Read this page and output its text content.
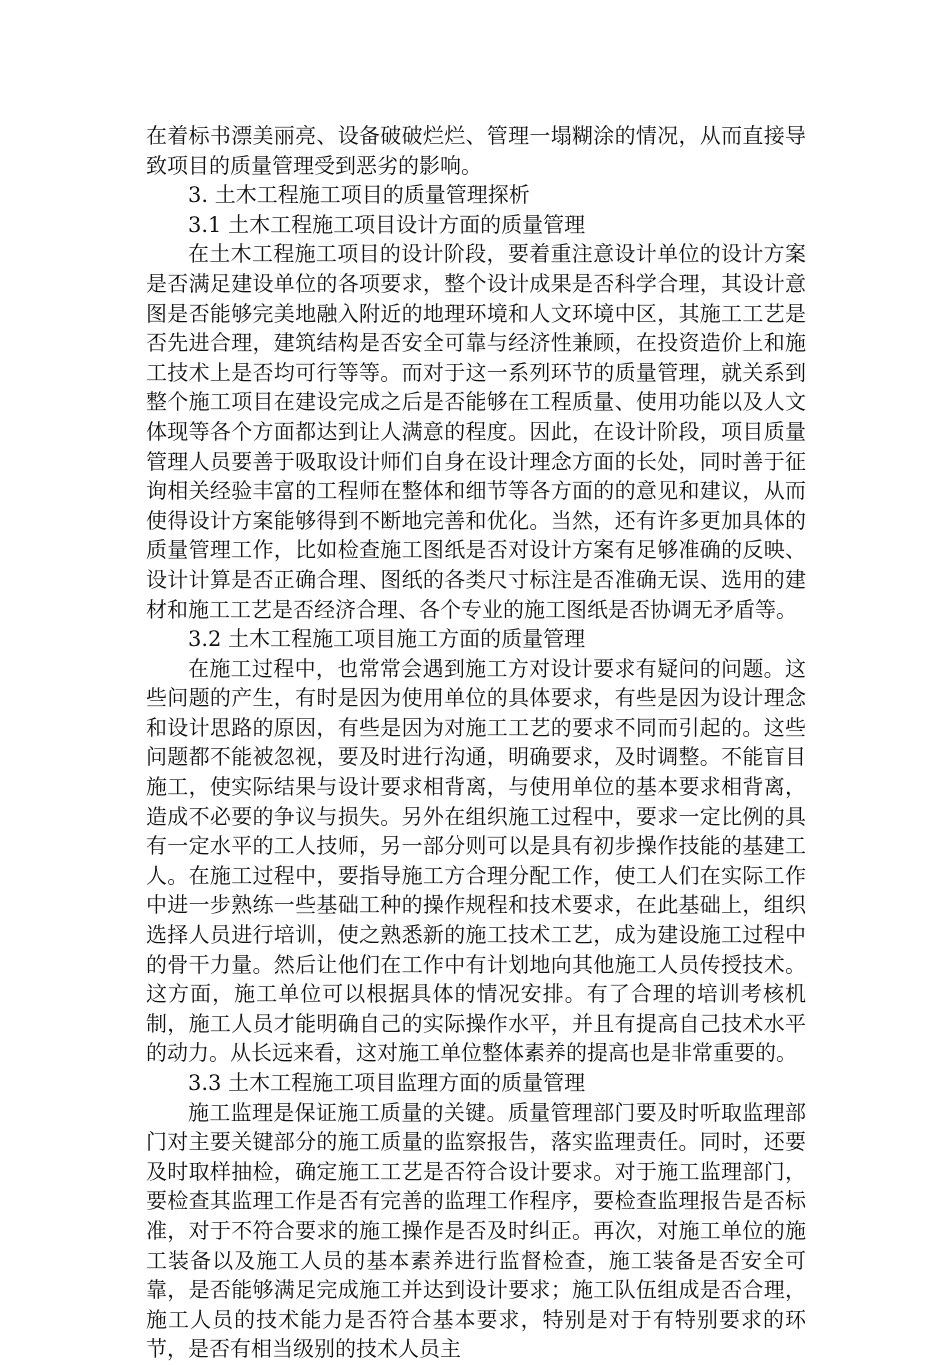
在着标书漂美丽亮、设备破破烂烂、管理一塌糊涂的情况，从而直接导致项目的质量管理受到恶劣的影响。

3. 土木工程施工项目的质量管理探析

3.1 土木工程施工项目设计方面的质量管理

在土木工程施工项目的设计阶段，要着重注意设计单位的设计方案是否满足建设单位的各项要求，整个设计成果是否科学合理，其设计意图是否能够完美地融入附近的地理环境和人文环境中区，其施工工艺是否先进合理，建筑结构是否安全可靠与经济性兼顾，在投资造价上和施工技术上是否均可行等等。而对于这一系列环节的质量管理，就关系到整个施工项目在建设完成之后是否能够在工程质量、使用功能以及人文体现等各个方面都达到让人满意的程度。因此，在设计阶段，项目质量管理人员要善于吸取设计师们自身在设计理念方面的长处，同时善于征询相关经验丰富的工程师在整体和细节等各方面的的意见和建议，从而使得设计方案能够得到不断地完善和优化。当然，还有许多更加具体的质量管理工作，比如检查施工图纸是否对设计方案有足够准确的反映、设计计算是否正确合理、图纸的各类尺寸标注是否准确无误、选用的建材和施工工艺是否经济合理、各个专业的施工图纸是否协调无矛盾等。

3.2 土木工程施工项目施工方面的质量管理

在施工过程中，也常常会遇到施工方对设计要求有疑问的问题。这些问题的产生，有时是因为使用单位的具体要求，有些是因为设计理念和设计思路的原因，有些是因为对施工工艺的要求不同而引起的。这些问题都不能被忽视，要及时进行沟通，明确要求，及时调整。不能盲目施工，使实际结果与设计要求相背离，与使用单位的基本要求相背离，造成不必要的争议与损失。另外在组织施工过程中，要求一定比例的具有一定水平的工人技师，另一部分则可以是具有初步操作技能的基建工人。在施工过程中，要指导施工方合理分配工作，使工人们在实际工作中进一步熟练一些基础工种的操作规程和技术要求，在此基础上，组织选择人员进行培训，使之熟悉新的施工技术工艺，成为建设施工过程中的骨干力量。然后让他们在工作中有计划地向其他施工人员传授技术。这方面，施工单位可以根据具体的情况安排。有了合理的培训考核机制，施工人员才能明确自己的实际操作水平，并且有提高自己技术水平的动力。从长远来看，这对施工单位整体素养的提高也是非常重要的。

3.3 土木工程施工项目监理方面的质量管理

施工监理是保证施工质量的关键。质量管理部门要及时听取监理部门对主要关键部分的施工质量的监察报告，落实监理责任。同时，还要及时取样抽检，确定施工工艺是否符合设计要求。对于施工监理部门，要检查其监理工作是否有完善的监理工作程序，要检查监理报告是否标准，对于不符合要求的施工操作是否及时纠正。再次，对施工单位的施工装备以及施工人员的基本素养进行监督检查，施工装备是否安全可靠，是否能够满足完成施工并达到设计要求；施工队伍组成是否合理，施工人员的技术能力是否符合基本要求，特别是对于有特别要求的环节，是否有相当级别的技术人员主
